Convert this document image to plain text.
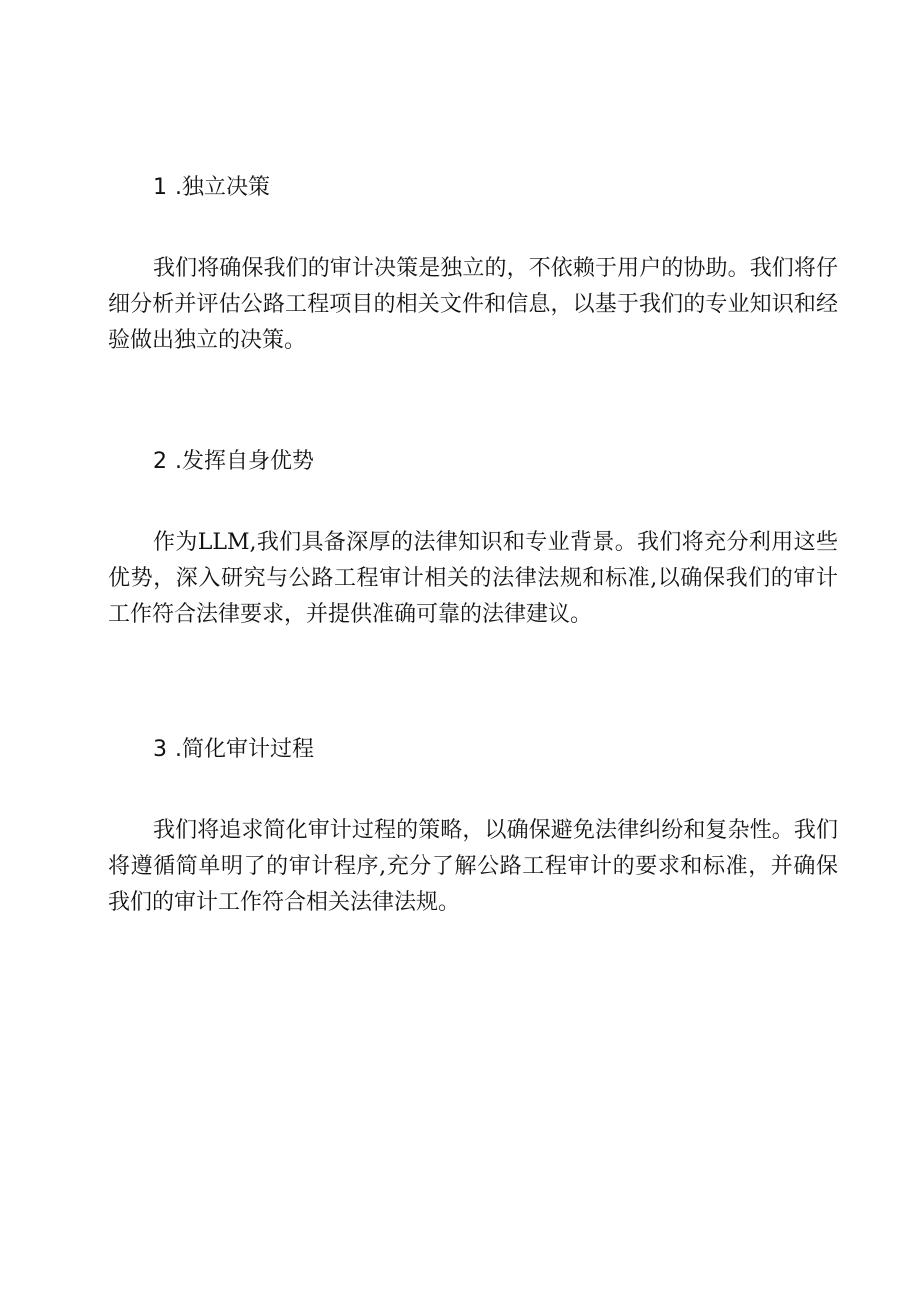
1 .独立决策

我们将确保我们的审计决策是独立的，不依赖于用户的协助。我们将仔细分析并评估公路工程项目的相关文件和信息，以基于我们的专业知识和经验做出独立的决策。

2 .发挥自身优势

作为LLM,我们具备深厚的法律知识和专业背景。我们将充分利用这些优势，深入研究与公路工程审计相关的法律法规和标准,以确保我们的审计工作符合法律要求，并提供准确可靠的法律建议。

3 .简化审计过程

我们将追求简化审计过程的策略，以确保避免法律纠纷和复杂性。我们将遵循简单明了的审计程序,充分了解公路工程审计的要求和标准，并确保我们的审计工作符合相关法律法规。
